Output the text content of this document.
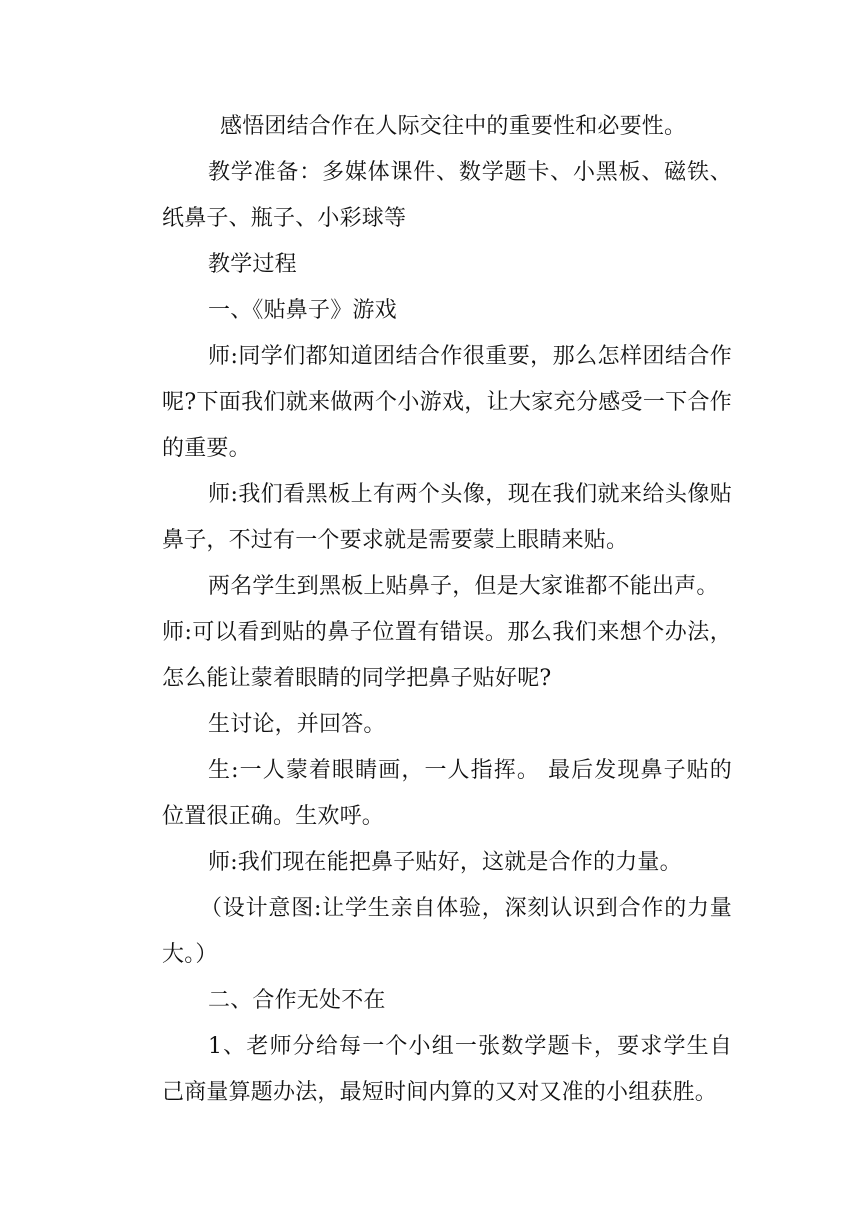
感悟团结合作在人际交往中的重要性和必要性。

教学准备：多媒体课件、数学题卡、小黑板、磁铁、纸鼻子、瓶子、小彩球等

教学过程

一、《贴鼻子》游戏

师:同学们都知道团结合作很重要，那么怎样团结合作呢?下面我们就来做两个小游戏，让大家充分感受一下合作的重要。

师:我们看黑板上有两个头像，现在我们就来给头像贴鼻子，不过有一个要求就是需要蒙上眼睛来贴。

两名学生到黑板上贴鼻子，但是大家谁都不能出声。

师:可以看到贴的鼻子位置有错误。那么我们来想个办法，怎么能让蒙着眼睛的同学把鼻子贴好呢?

生讨论，并回答。

生:一人蒙着眼睛画，一人指挥。 最后发现鼻子贴的位置很正确。生欢呼。

师:我们现在能把鼻子贴好，这就是合作的力量。

（设计意图:让学生亲自体验，深刻认识到合作的力量大。）

二、合作无处不在

1、老师分给每一个小组一张数学题卡，要求学生自己商量算题办法，最短时间内算的又对又准的小组获胜。
